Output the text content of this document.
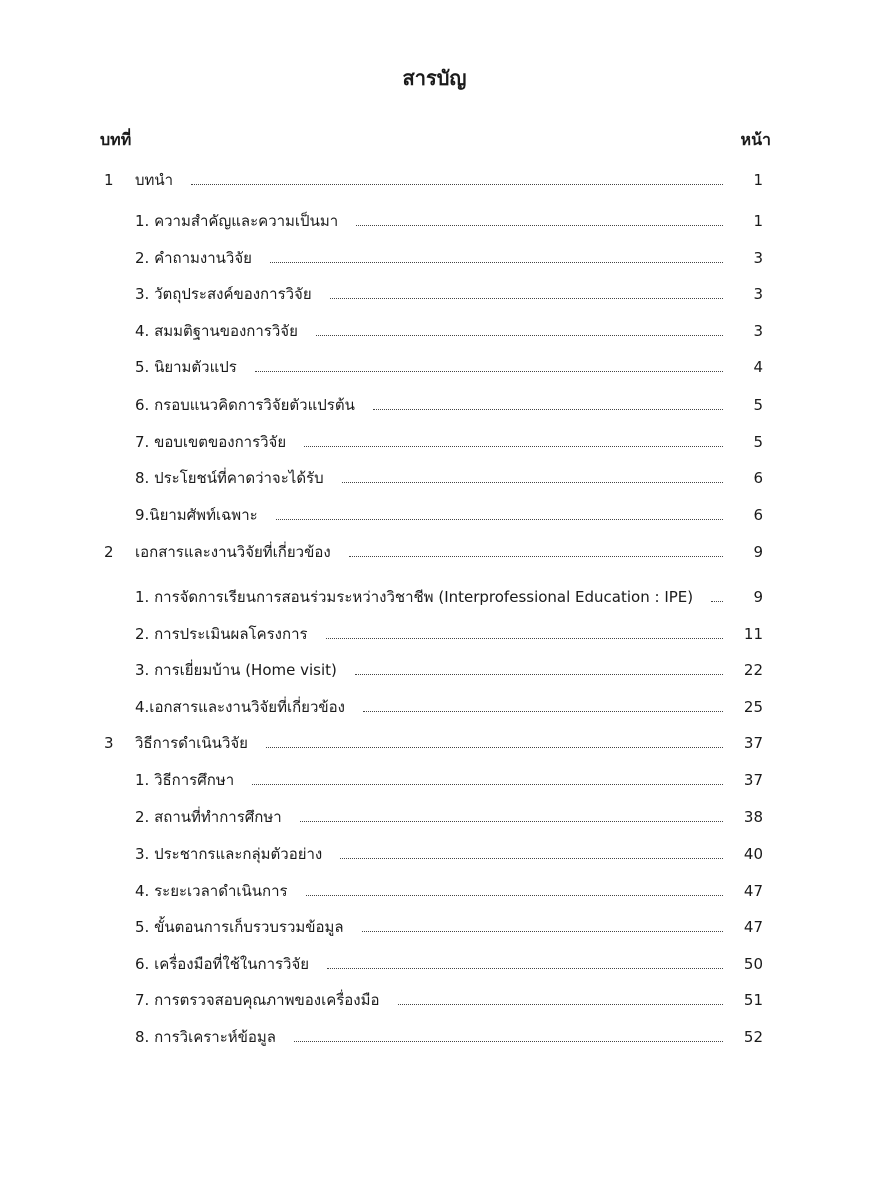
สารบัญ
บทที่	หน้า
1 บทนำ	1
1. ความสำคัญและความเป็นมา	1
2. คำถามงานวิจัย	3
3. วัตถุประสงค์ของการวิจัย	3
4. สมมติฐานของการวิจัย	3
5. นิยามตัวแปร	4
6. กรอบแนวคิดการวิจัยตัวแปรต้น	5
7. ขอบเขตของการวิจัย	5
8. ประโยชน์ที่คาดว่าจะได้รับ	6
9.นิยามศัพท์เฉพาะ	6
2 เอกสารและงานวิจัยที่เกี่ยวข้อง	9
1. การจัดการเรียนการสอนร่วมระหว่างวิชาชีพ (Interprofessional Education : IPE)	9
2. การประเมินผลโครงการ	11
3. การเยี่ยมบ้าน (Home visit)	22
4.เอกสารและงานวิจัยที่เกี่ยวข้อง	25
3 วิธีการดำเนินวิจัย	37
1. วิธีการศึกษา	37
2. สถานที่ทำการศึกษา	38
3. ประชากรและกลุ่มตัวอย่าง	40
4. ระยะเวลาดำเนินการ	47
5. ขั้นตอนการเก็บรวบรวมข้อมูล	47
6. เครื่องมือที่ใช้ในการวิจัย	50
7. การตรวจสอบคุณภาพของเครื่องมือ	51
8. การวิเคราะห์ข้อมูล	52
